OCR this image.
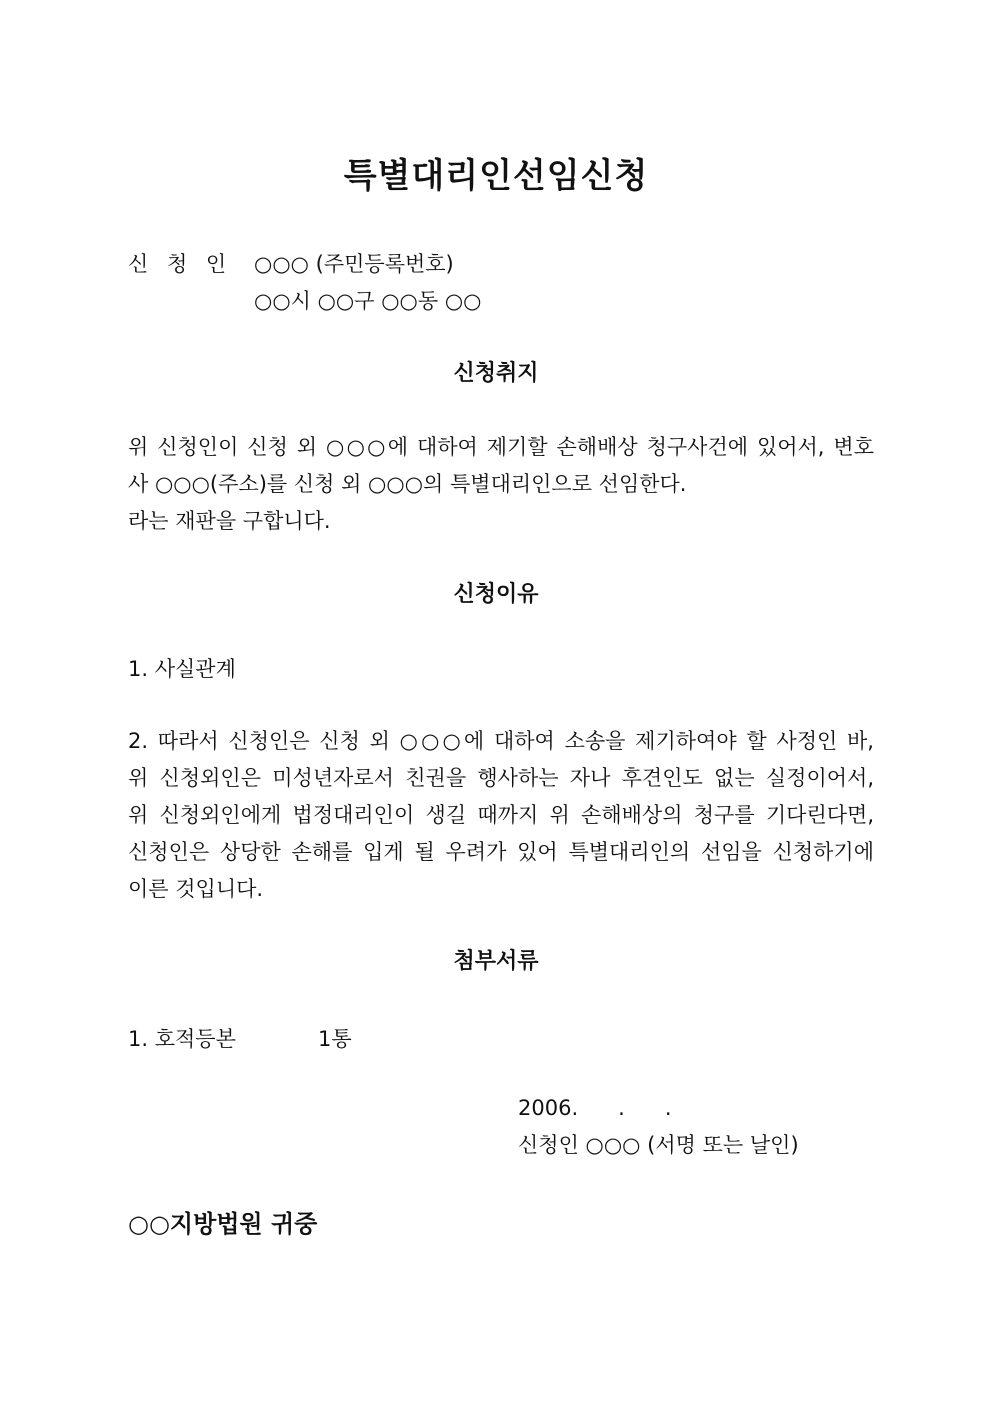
특별대리인선임신청
신 청 인	○○○ (주민등록번호)
○○시 ○○구 ○○동 ○○
신청취지
위 신청인이 신청 외 ○○○에 대하여 제기할 손해배상 청구사건에 있어서, 변호
사 ○○○(주소)를 신청 외 ○○○의 특별대리인으로 선임한다.
라는 재판을 구합니다.
신청이유
1. 사실관계
2. 따라서 신청인은 신청 외 ○○○에 대하여 소송을 제기하여야 할 사정인 바,
위 신청외인은 미성년자로서 친권을 행사하는 자나 후견인도 없는 실정이어서,
위 신청외인에게 법정대리인이 생길 때까지 위 손해배상의 청구를 기다린다면,
신청인은 상당한 손해를 입게 될 우려가 있어 특별대리인의 선임을 신청하기에
이른 것입니다.
첨부서류
1. 호적등본	1통
2006.      .      .
신청인 ○○○ (서명 또는 날인)
○○지방법원 귀중
